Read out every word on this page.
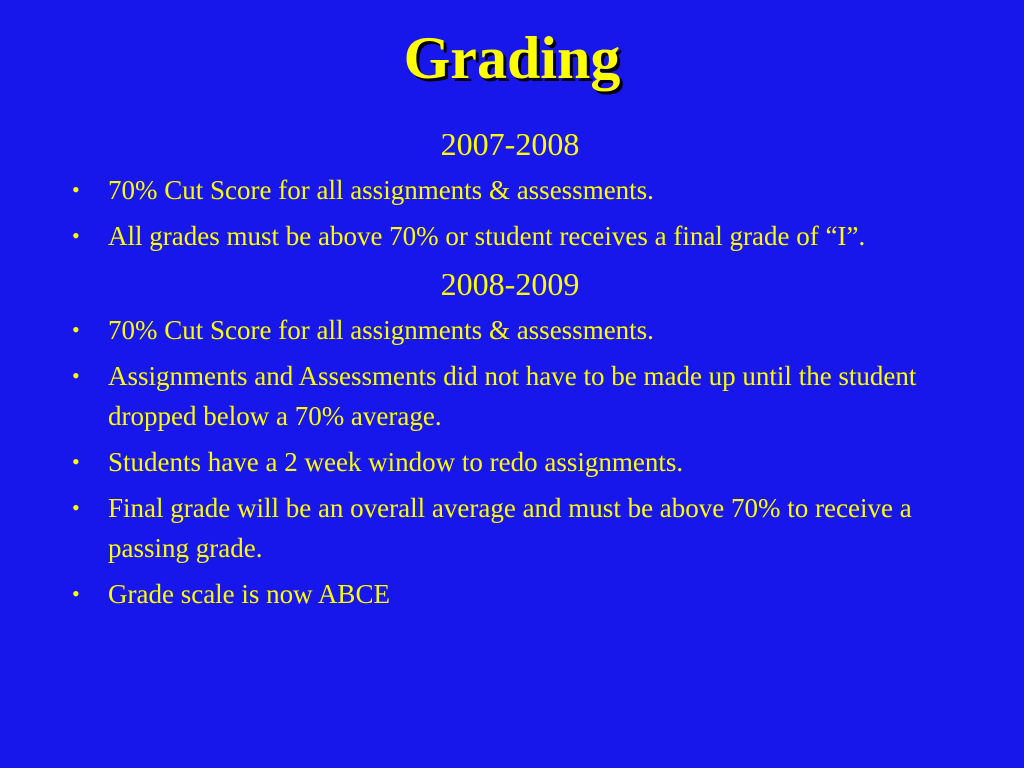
Grading
2007-2008
• 70% Cut Score for all assignments & assessments.
• All grades must be above 70% or student receives a final grade of “I”.
2008-2009
• 70% Cut Score for all assignments & assessments.
• Assignments and Assessments did not have to be made up until the student dropped below a 70% average.
• Students have a 2 week window to redo assignments.
• Final grade will be an overall average and must be above 70% to receive a passing grade.
• Grade scale is now ABCE
